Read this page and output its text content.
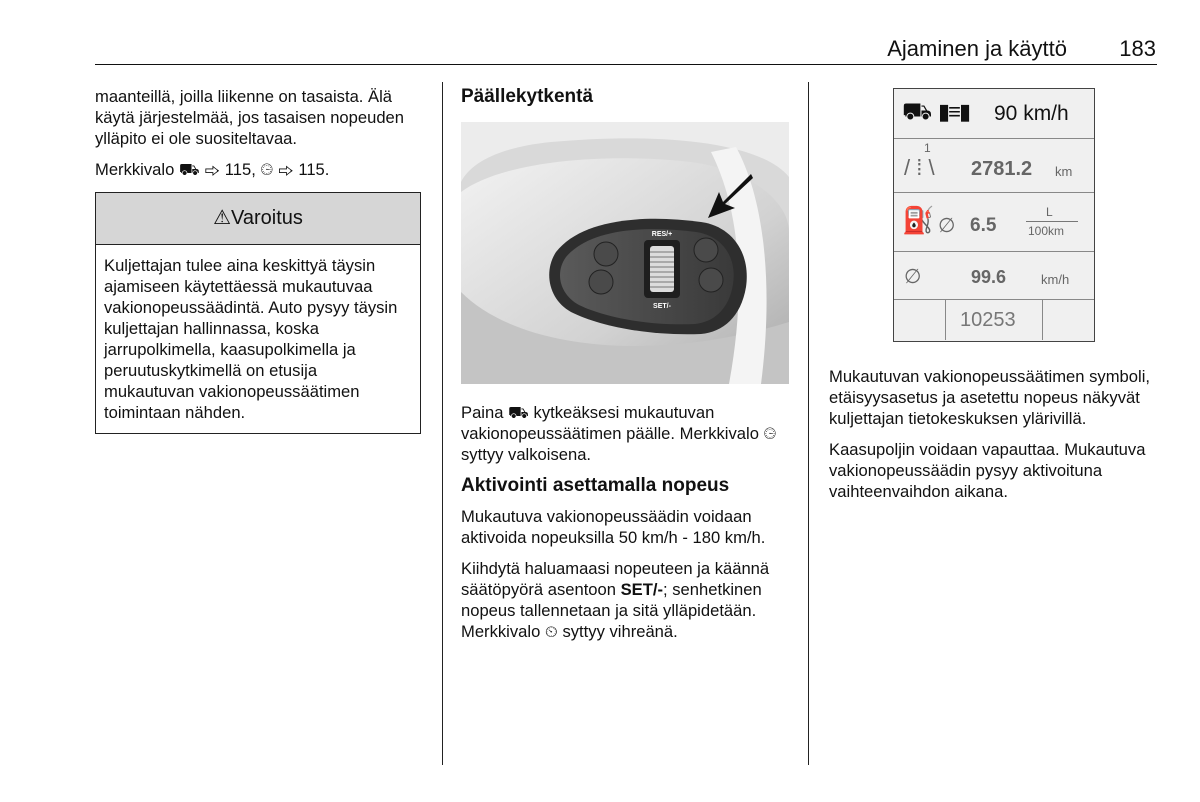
Ajaminen ja käyttö 183

maanteillä, joilla liikenne on tasaista. Älä käytä järjestelmää, jos tasaisen nopeuden ylläpito ei ole suositeltavaa.

Merkkivalo ⛟ ⇨ 115, ⏲ ⇨ 115.

⚠Varoitus
Kuljettajan tulee aina keskittyä täysin ajamiseen käytettäessä mukautuvaa vakionopeussäädintä. Auto pysyy täysin kuljettajan hallinnassa, koska jarrupolkimella, kaasupolkimella ja peruutuskytkimellä on etusija mukautuvan vakionopeussäätimen toimintaan nähden.
Päällekytkentä
RES/+
SET/-

Paina ⛟ kytkeäksesi mukautuvan vakionopeussäätimen päälle. Merkkivalo ⏲ syttyy valkoisena.

Aktivointi asettamalla nopeus

Mukautuva vakionopeussäädin voidaan aktivoida nopeuksilla 50 km/h - 180 km/h.

Kiihdytä haluamaasi nopeuteen ja käännä säätöpyörä asentoon SET/-; senhetkinen nopeus tallennetaan ja sitä ylläpidetään. Merkkivalo ⏲ syttyy vihreänä.

⛟ ▮≡▮ 90 km/h
/ ⁞ \
1
2781.2 km
⛽ ∅ 6.5
L
100km
∅	99.6	km/h
10253

Mukautuvan vakionopeussäätimen symboli, etäisyysasetus ja asetettu nopeus näkyvät kuljettajan tietokeskuksen ylärivillä.

Kaasupoljin voidaan vapauttaa. Mukautuva vakionopeussäädin pysyy aktivoituna vaihteenvaihdon aikana.
